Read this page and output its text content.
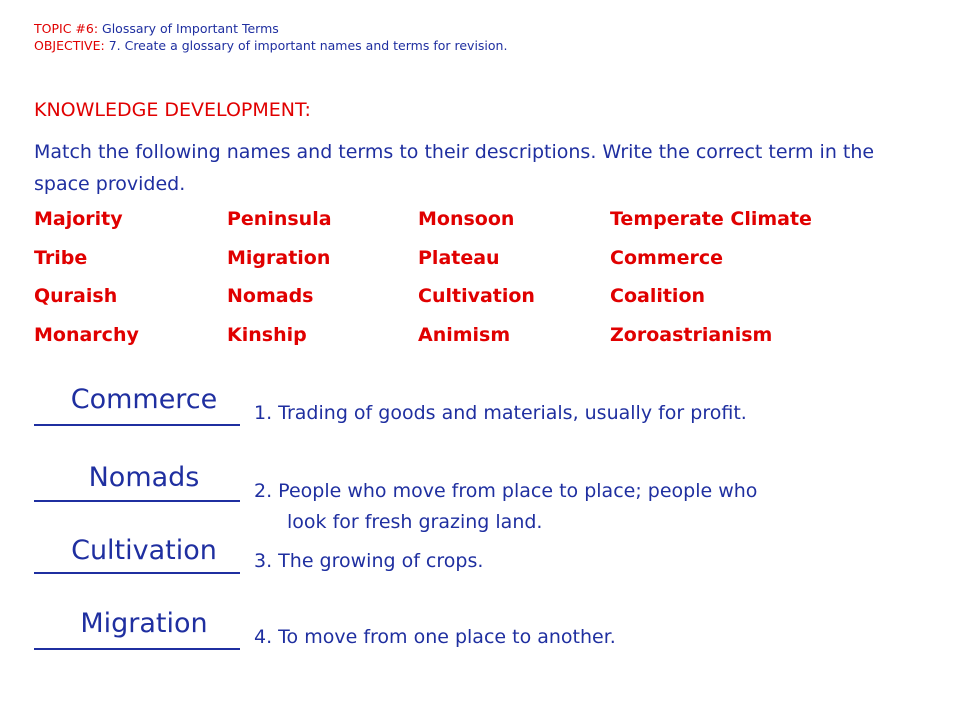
TOPIC #6: Glossary of Important Terms
OBJECTIVE: 7. Create a glossary of important names and terms for revision.
KNOWLEDGE DEVELOPMENT:
Match the following names and terms to their descriptions. Write the correct term in the space provided.
Majority	Peninsula	Monsoon	Temperate Climate
Tribe	Migration	Plateau	Commerce
Quraish	Nomads	Cultivation	Coalition
Monarchy	Kinship	Animism	Zoroastrianism
Commerce	1. Trading of goods and materials, usually for profit.
Nomads	2. People who move from place to place; people who
look for fresh grazing land.
Cultivation	3. The growing of crops.
Migration	4. To move from one place to another.
